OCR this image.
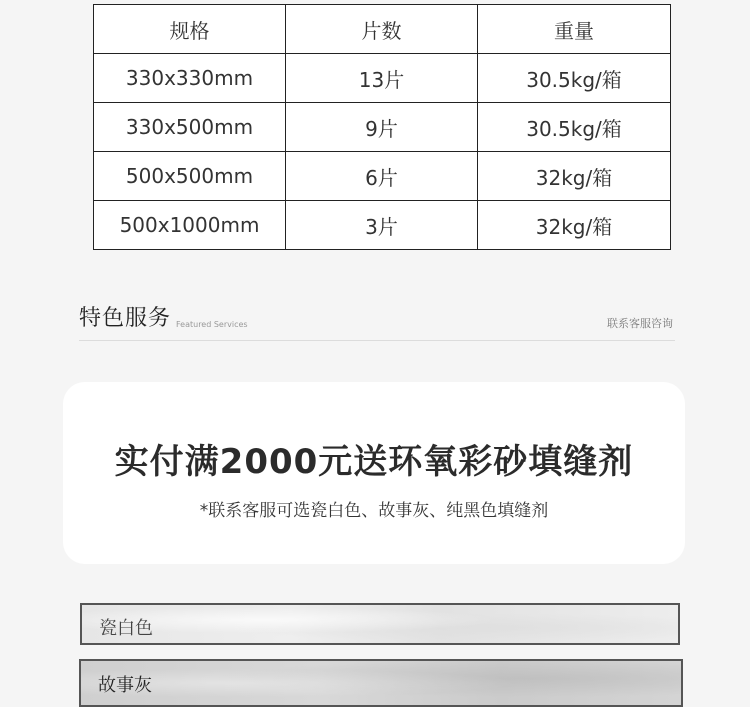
规格	片数	重量
330x330mm	13片	30.5kg/箱
330x500mm	9片	30.5kg/箱
500x500mm	6片	32kg/箱
500x1000mm	3片	32kg/箱
特色服务 Featured Services	联系客服咨询
实付满2000元送环氧彩砂填缝剂
*联系客服可选瓷白色、故事灰、纯黑色填缝剂
瓷白色
故事灰
